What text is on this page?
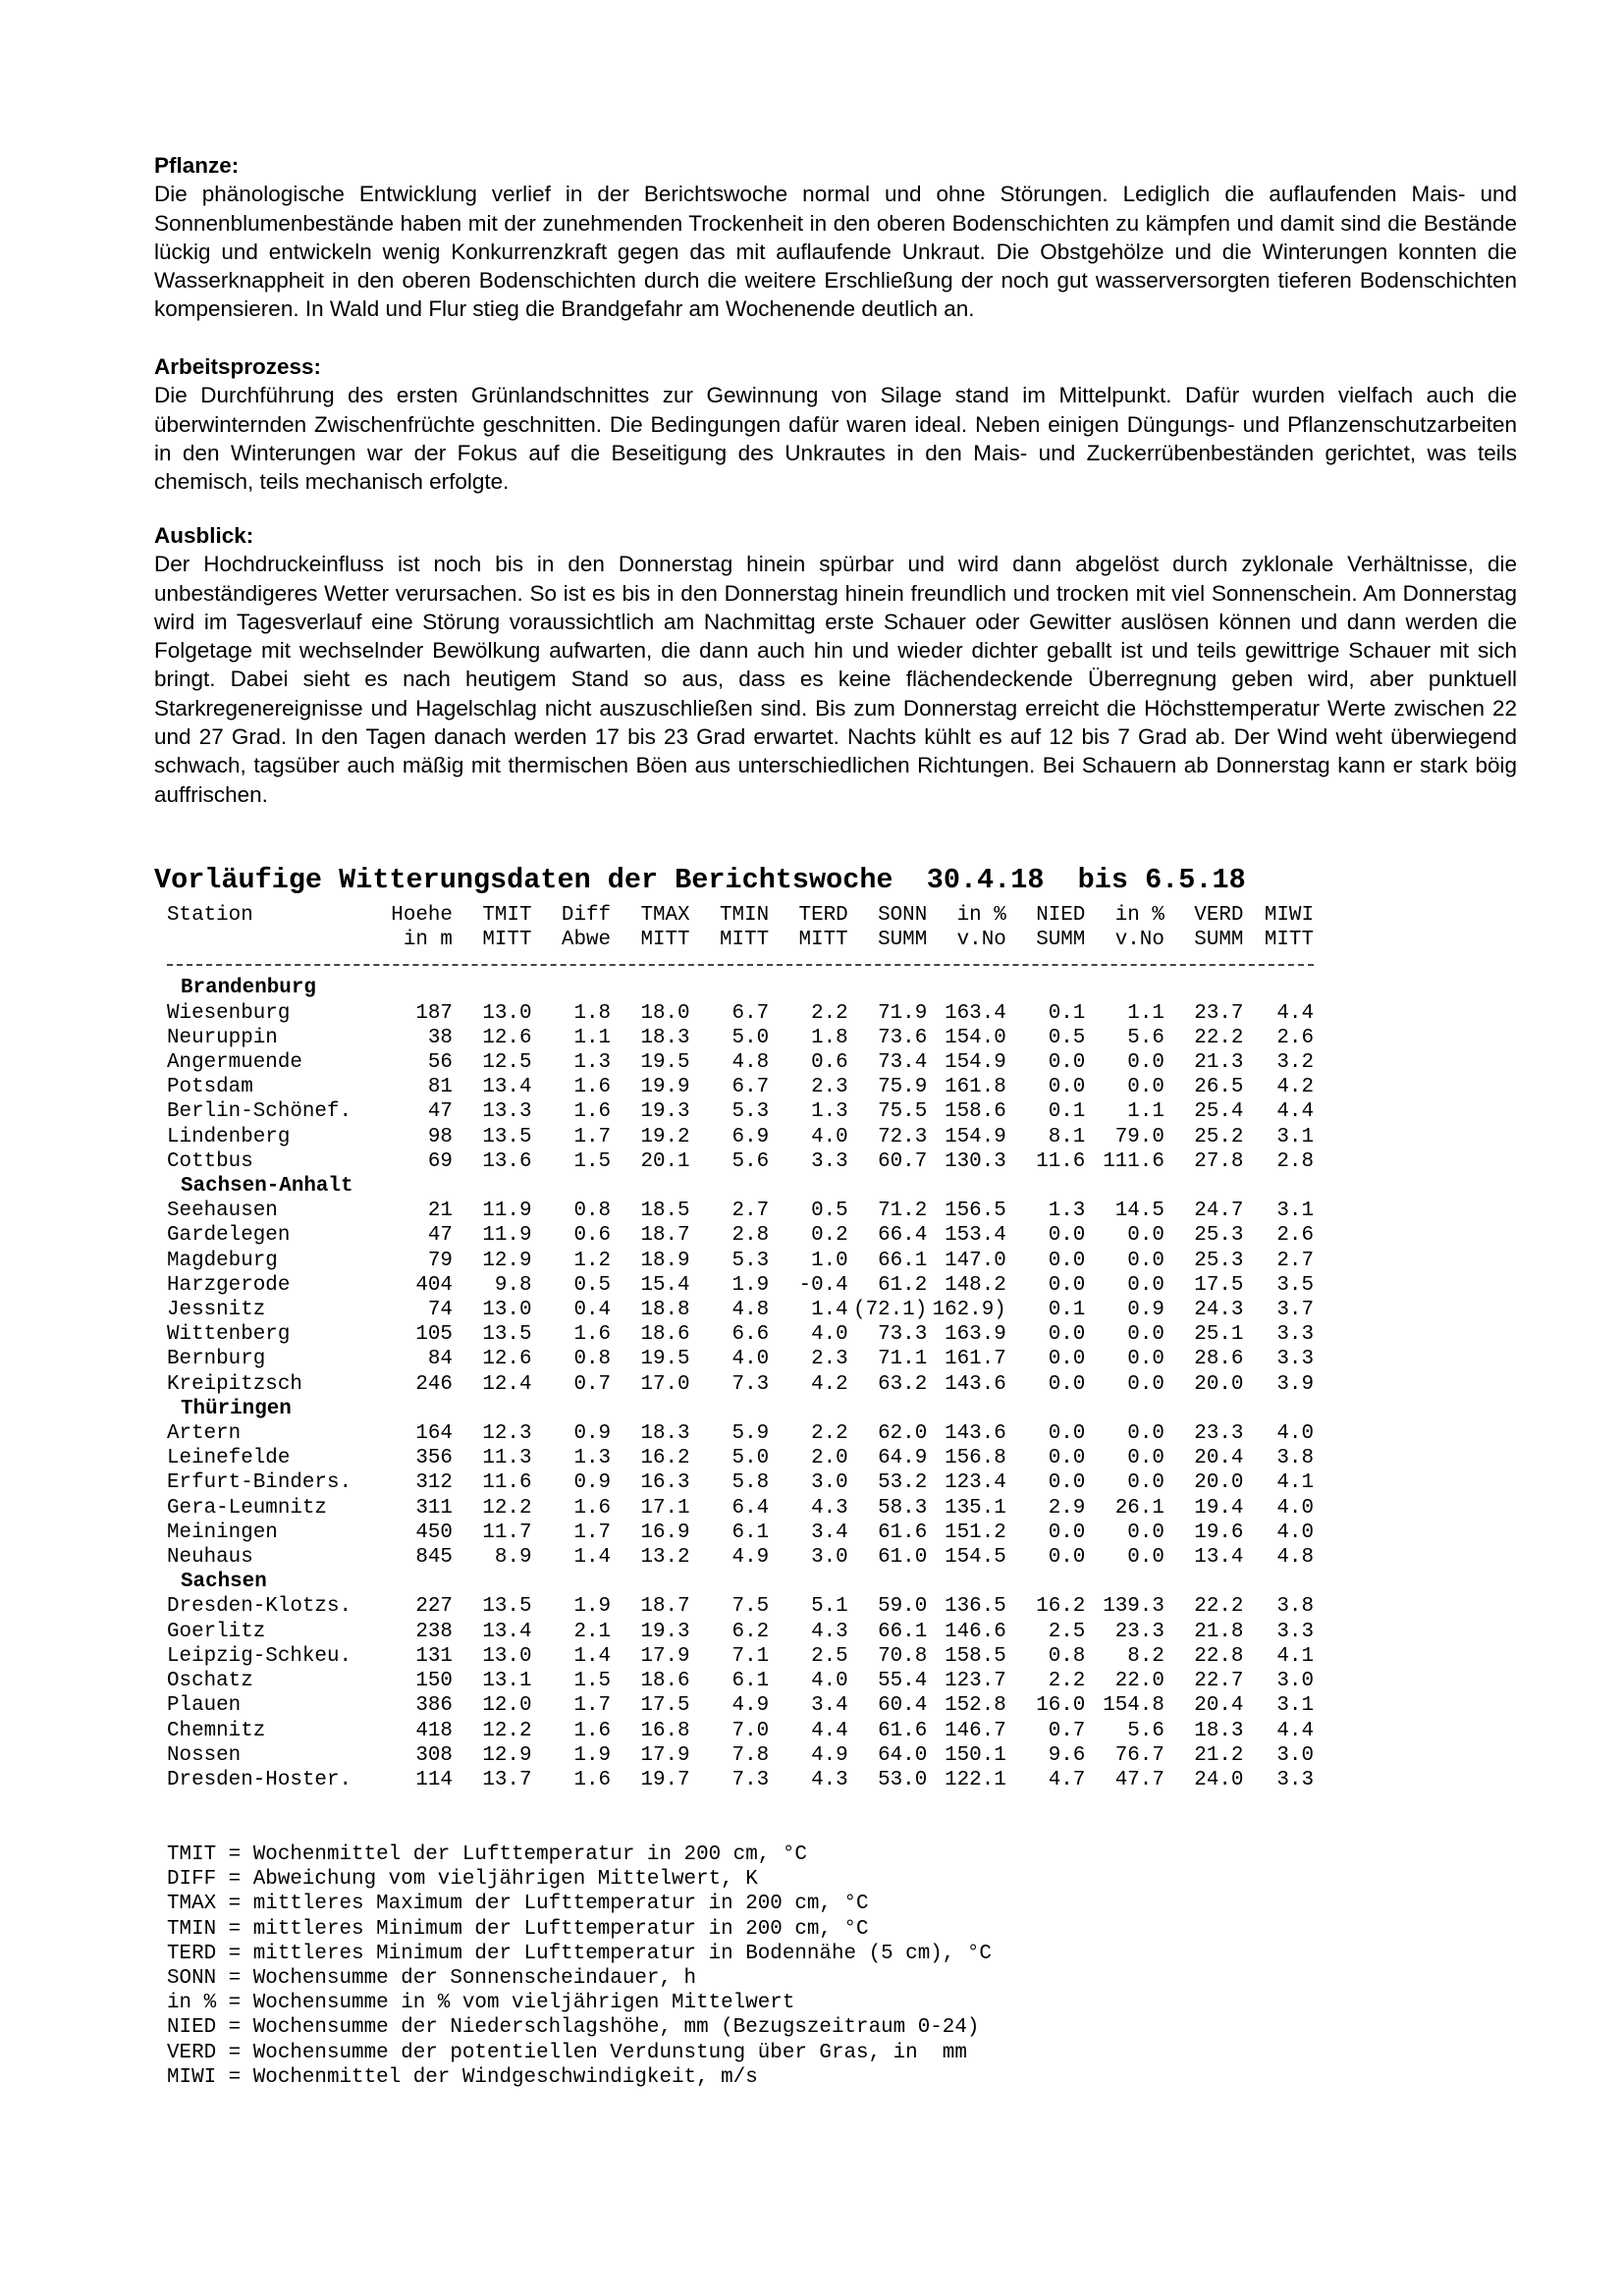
Pflanze:

Die phänologische Entwicklung verlief in der Berichtswoche normal und ohne Störungen. Lediglich die auflaufenden Mais- und Sonnenblumenbestände haben mit der zunehmenden Trockenheit in den oberen Bodenschichten zu kämpfen und damit sind die Bestände lückig und entwickeln wenig Konkurrenzkraft gegen das mit auflaufende Unkraut. Die Obstgehölze und die Winterungen konnten die Wasserknappheit in den oberen Bodenschichten durch die weitere Erschließung der noch gut wasserversorgten tieferen Bodenschichten kompensieren. In Wald und Flur stieg die Brandgefahr am Wochenende deutlich an.

Arbeitsprozess:

Die Durchführung des ersten Grünlandschnittes zur Gewinnung von Silage stand im Mittelpunkt. Dafür wurden vielfach auch die überwinternden Zwischenfrüchte geschnitten. Die Bedingungen dafür waren ideal. Neben einigen Düngungs- und Pflanzenschutzarbeiten in den Winterungen war der Fokus auf die Beseitigung des Unkrautes in den Mais- und Zuckerrübenbeständen gerichtet, was teils chemisch, teils mechanisch erfolgte.

Ausblick:

Der Hochdruckeinfluss ist noch bis in den Donnerstag hinein spürbar und wird dann abgelöst durch zyklonale Verhältnisse, die unbeständigeres Wetter verursachen. So ist es bis in den Donnerstag hinein freundlich und trocken mit viel Sonnenschein. Am Donnerstag wird im Tagesverlauf eine Störung voraussichtlich am Nachmittag erste Schauer oder Gewitter auslösen können und dann werden die Folgetage mit wechselnder Bewölkung aufwarten, die dann auch hin und wieder dichter geballt ist und teils gewittrige Schauer mit sich bringt. Dabei sieht es nach heutigem Stand so aus, dass es keine flächendeckende Überregnung geben wird, aber punktuell Starkregenereignisse und Hagelschlag nicht auszuschließen sind. Bis zum Donnerstag erreicht die Höchsttemperatur Werte zwischen 22 und 27 Grad. In den Tagen danach werden 17 bis 23 Grad erwartet. Nachts kühlt es auf 12 bis 7 Grad ab. Der Wind weht überwiegend schwach, tagsüber auch mäßig mit thermischen Böen aus unterschiedlichen Richtungen. Bei Schauern ab Donnerstag kann er stark böig auffrischen.

Vorläufige Witterungsdaten der Berichtswoche  30.4.18  bis 6.5.18
Station	Hoehe	TMIT	Diff	TMAX	TMIN	TERD	SONN	in %	NIED	in %	VERD	MIWI
	in m	MITT	Abwe	MITT	MITT	MITT	SUMM	v.No	SUMM	v.No	SUMM	MITT

Brandenburg												
Wiesenburg	187	13.0	1.8	18.0	6.7	2.2	71.9	163.4	0.1	1.1	23.7	4.4
Neuruppin	38	12.6	1.1	18.3	5.0	1.8	73.6	154.0	0.5	5.6	22.2	2.6
Angermuende	56	12.5	1.3	19.5	4.8	0.6	73.4	154.9	0.0	0.0	21.3	3.2
Potsdam	81	13.4	1.6	19.9	6.7	2.3	75.9	161.8	0.0	0.0	26.5	4.2
Berlin-Schönef.	47	13.3	1.6	19.3	5.3	1.3	75.5	158.6	0.1	1.1	25.4	4.4
Lindenberg	98	13.5	1.7	19.2	6.9	4.0	72.3	154.9	8.1	79.0	25.2	3.1
Cottbus	69	13.6	1.5	20.1	5.6	3.3	60.7	130.3	11.6	111.6	27.8	2.8
Sachsen-Anhalt												
Seehausen	21	11.9	0.8	18.5	2.7	0.5	71.2	156.5	1.3	14.5	24.7	3.1
Gardelegen	47	11.9	0.6	18.7	2.8	0.2	66.4	153.4	0.0	0.0	25.3	2.6
Magdeburg	79	12.9	1.2	18.9	5.3	1.0	66.1	147.0	0.0	0.0	25.3	2.7
Harzgerode	404	9.8	0.5	15.4	1.9	-0.4	61.2	148.2	0.0	0.0	17.5	3.5
Jessnitz	74	13.0	0.4	18.8	4.8	1.4	(72.1)	162.9)	0.1	0.9	24.3	3.7
Wittenberg	105	13.5	1.6	18.6	6.6	4.0	73.3	163.9	0.0	0.0	25.1	3.3
Bernburg	84	12.6	0.8	19.5	4.0	2.3	71.1	161.7	0.0	0.0	28.6	3.3
Kreipitzsch	246	12.4	0.7	17.0	7.3	4.2	63.2	143.6	0.0	0.0	20.0	3.9
Thüringen												
Artern	164	12.3	0.9	18.3	5.9	2.2	62.0	143.6	0.0	0.0	23.3	4.0
Leinefelde	356	11.3	1.3	16.2	5.0	2.0	64.9	156.8	0.0	0.0	20.4	3.8
Erfurt-Binders.	312	11.6	0.9	16.3	5.8	3.0	53.2	123.4	0.0	0.0	20.0	4.1
Gera-Leumnitz	311	12.2	1.6	17.1	6.4	4.3	58.3	135.1	2.9	26.1	19.4	4.0
Meiningen	450	11.7	1.7	16.9	6.1	3.4	61.6	151.2	0.0	0.0	19.6	4.0
Neuhaus	845	8.9	1.4	13.2	4.9	3.0	61.0	154.5	0.0	0.0	13.4	4.8
Sachsen												
Dresden-Klotzs.	227	13.5	1.9	18.7	7.5	5.1	59.0	136.5	16.2	139.3	22.2	3.8
Goerlitz	238	13.4	2.1	19.3	6.2	4.3	66.1	146.6	2.5	23.3	21.8	3.3
Leipzig-Schkeu.	131	13.0	1.4	17.9	7.1	2.5	70.8	158.5	0.8	8.2	22.8	4.1
Oschatz	150	13.1	1.5	18.6	6.1	4.0	55.4	123.7	2.2	22.0	22.7	3.0
Plauen	386	12.0	1.7	17.5	4.9	3.4	60.4	152.8	16.0	154.8	20.4	3.1
Chemnitz	418	12.2	1.6	16.8	7.0	4.4	61.6	146.7	0.7	5.6	18.3	4.4
Nossen	308	12.9	1.9	17.9	7.8	4.9	64.0	150.1	9.6	76.7	21.2	3.0
Dresden-Hoster.	114	13.7	1.6	19.7	7.3	4.3	53.0	122.1	4.7	47.7	24.0	3.3
TMIT = Wochenmittel der Lufttemperatur in 200 cm, °C
DIFF = Abweichung vom vieljährigen Mittelwert, K
TMAX = mittleres Maximum der Lufttemperatur in 200 cm, °C
TMIN = mittleres Minimum der Lufttemperatur in 200 cm, °C
TERD = mittleres Minimum der Lufttemperatur in Bodennähe (5 cm), °C
SONN = Wochensumme der Sonnenscheindauer, h
in % = Wochensumme in % vom vieljährigen Mittelwert
NIED = Wochensumme der Niederschlagshöhe, mm (Bezugszeitraum 0-24)
VERD = Wochensumme der potentiellen Verdunstung über Gras, in  mm
MIWI = Wochenmittel der Windgeschwindigkeit, m/s
